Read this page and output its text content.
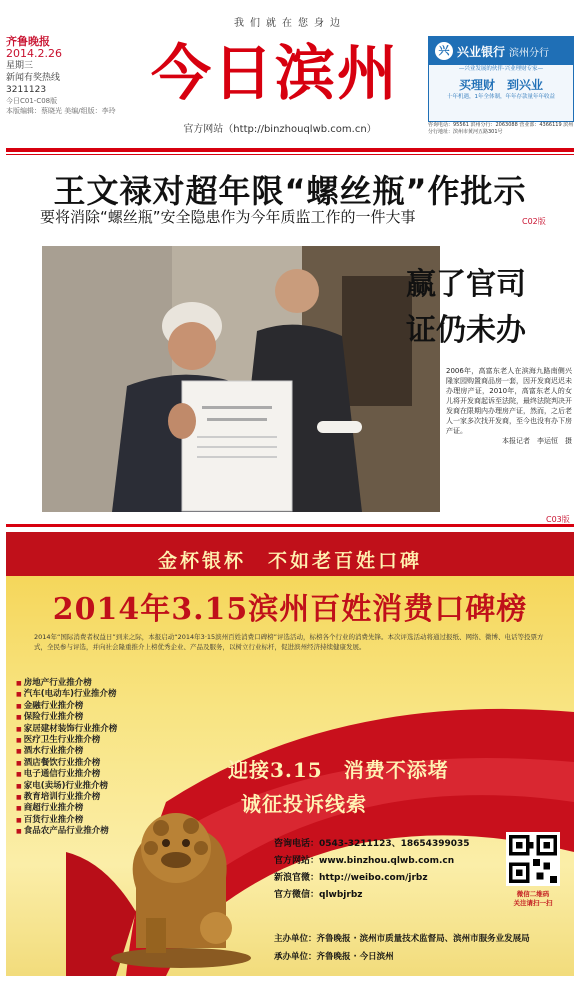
我们就在您身边
齐鲁晚报
2014.2.26
星期三
新闻有奖热线
3211123
今日C01-C08版
本版编辑：蔡晓光 美编/组版：李玲
今日滨州
官方网站（http://binzhouqlwb.com.cn）
兴 兴业银行 滨州分行
—兴业发展的伙伴·兴业理财专家—
买理财　到兴业
十年机遇，1年全体制，年年存款量年年收益
咨询电话：95561 滨州分行：2063088 营业部：4366119 滨州分行地址：滨州市黄河五路301号
王文禄对超年限“螺丝瓶”作批示
要将消除“螺丝瓶”安全隐患作为今年质监工作的一件大事	C02版
赢了官司
证仍未办
2006年，高富东老人在滨海九路南侧兴隆家园购置商品房一套，因开发商迟迟未办理房产证，2010年，高富东老人的女儿将开发商起诉至法院，最终法院判决开发商在限期内办理房产证，然而，之后老人一家多次找开发商，至今也没有办下房产证。
本报记者　李运恒　摄
C03版
金杯银杯　不如老百姓口碑
2014年3.15滨州百姓消费口碑榜
2014年“国际消费者权益日”到来之际，本报启动“2014年3·15滨州百姓消费口碑榜”评选活动，标榜各个行业的消费先锋。本次评选活动将通过报纸、网络、微博、电话等投票方式，全民参与评选，并向社会隆重推介上榜优秀企业、产品及服务，以树立行业标杆，促进滨州经济持续健康发展。
■ 房地产行业推介榜
■ 汽车(电动车)行业推介榜
■ 金融行业推介榜
■ 保险行业推介榜
■ 家居建材装饰行业推介榜
■ 医疗卫生行业推介榜
■ 酒水行业推介榜
■ 酒店餐饮行业推介榜
■ 电子通信行业推介榜
■ 家电(卖场)行业推介榜
■ 教育培训行业推介榜
■ 商超行业推介榜
■ 百货行业推介榜
■ 食品农产品行业推介榜
迎接3.15　消费不添堵
诚征投诉线索
咨询电话：0543-3211123、18654399035
官方网站：www.binzhou.qlwb.com.cn
新浪官微：http://weibo.com/jrbz
官方微信：qlwbjrbz	微信二维码
关注请扫一扫
主办单位：齐鲁晚报 · 滨州市质量技术监督局、滨州市服务业发展局
承办单位：齐鲁晚报 · 今日滨州
